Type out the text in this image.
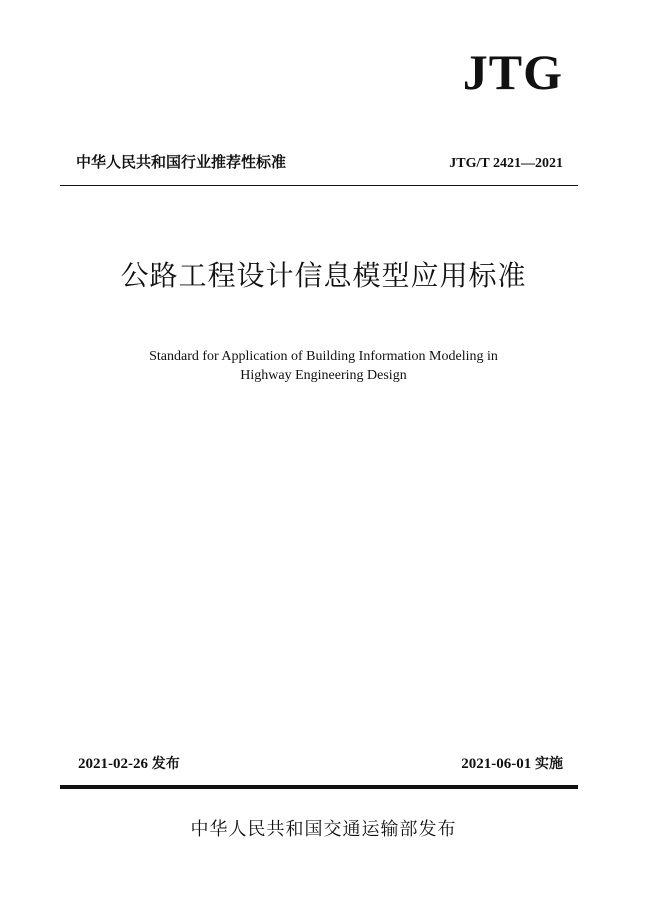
JTG
中华人民共和国行业推荐性标准	JTG/T 2421—2021
公路工程设计信息模型应用标准
Standard for Application of Building Information Modeling in
Highway Engineering Design
2021-02-26 发布	2021-06-01 实施
中华人民共和国交通运输部发布
